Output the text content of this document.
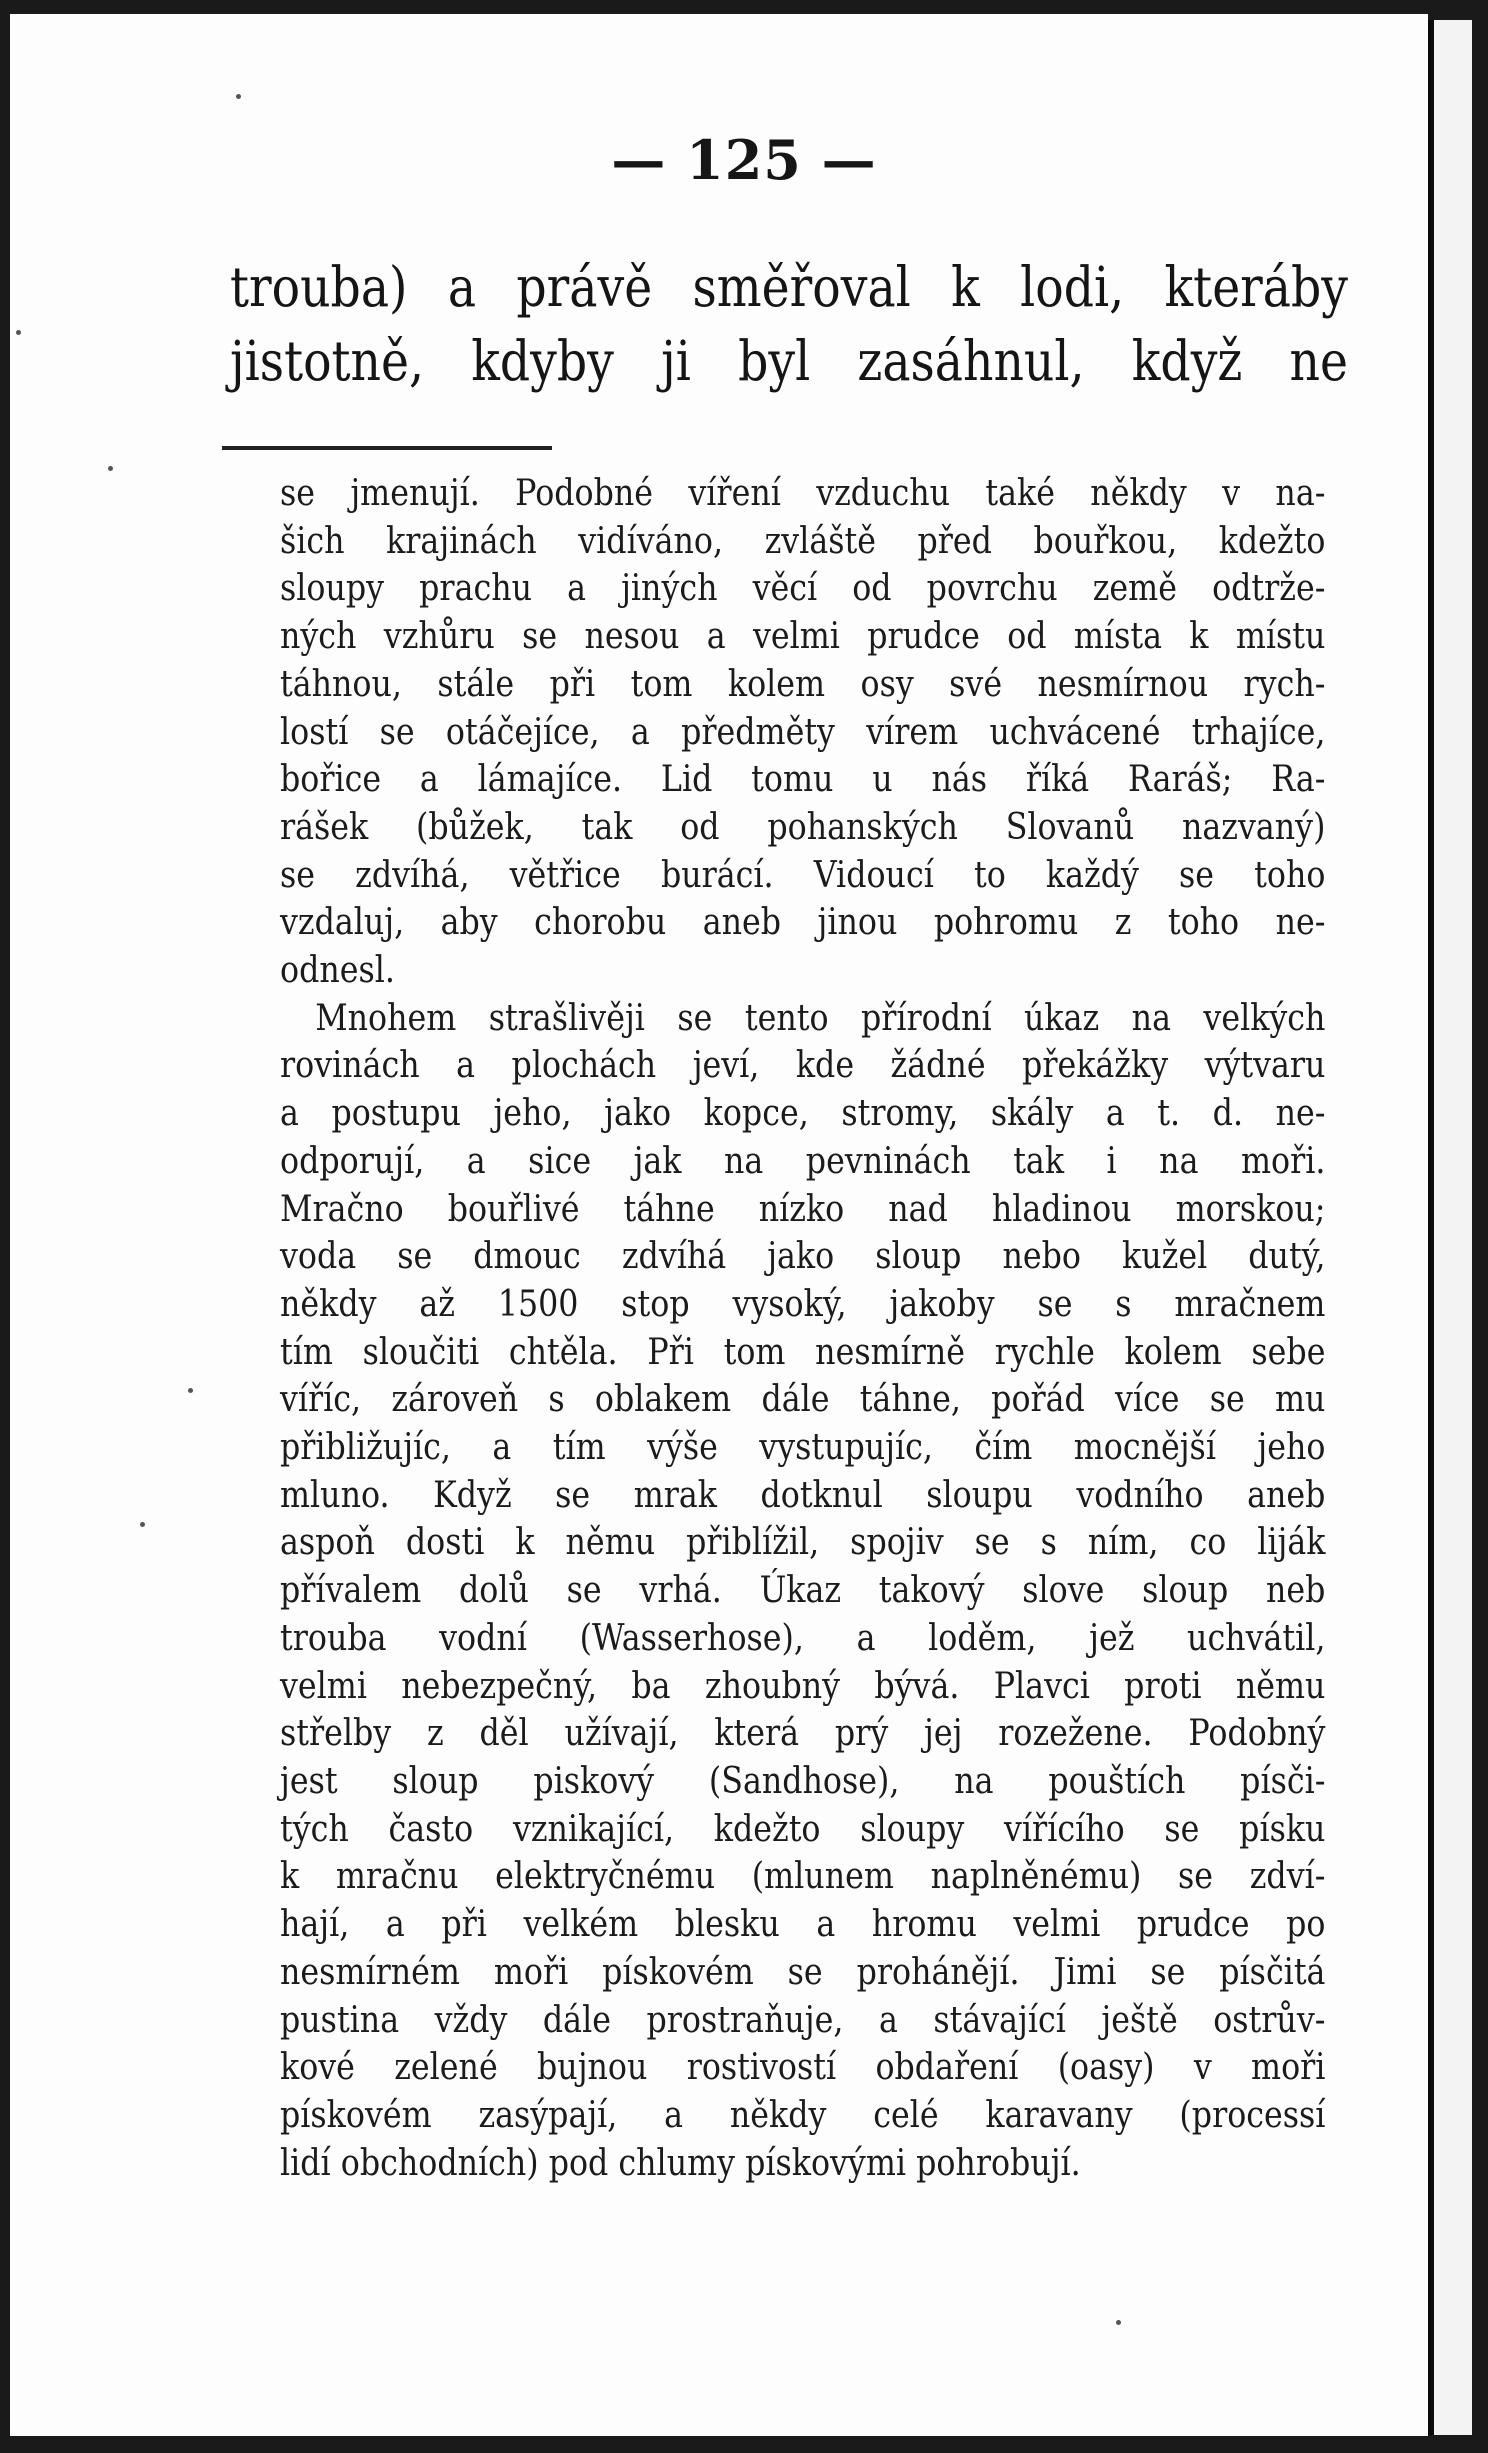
— 125 —
trouba) a právě směřoval k lodi, kteráby
jistotně, kdyby ji byl zasáhnul, když ne
se jmenují. Podobné víření vzduchu také někdy v na-
šich krajinách vidíváno, zvláště před bouřkou, kdežto
sloupy prachu a jiných věcí od povrchu země odtrže-
ných vzhůru se nesou a velmi prudce od místa k místu
táhnou, stále při tom kolem osy své nesmírnou rych-
lostí se otáčejíce, a předměty vírem uchvácené trhajíce,
bořice a lámajíce. Lid tomu u nás říká Raráš; Ra-
rášek (bůžek, tak od pohanských Slovanů nazvaný)
se zdvíhá, větřice burácí. Vidoucí to každý se toho
vzdaluj, aby chorobu aneb jinou pohromu z toho ne-
odnesl.
Mnohem strašlivěji se tento přírodní úkaz na velkých
rovinách a plochách jeví, kde žádné překážky výtvaru
a postupu jeho, jako kopce, stromy, skály a t. d. ne-
odporují, a sice jak na pevninách tak i na moři.
Mračno bouřlivé táhne nízko nad hladinou morskou;
voda se dmouc zdvíhá jako sloup nebo kužel dutý,
někdy až 1500 stop vysoký, jakoby se s mračnem
tím sloučiti chtěla. Při tom nesmírně rychle kolem sebe
víříc, zároveň s oblakem dále táhne, pořád více se mu
přibližujíc, a tím výše vystupujíc, čím mocnější jeho
mluno. Když se mrak dotknul sloupu vodního aneb
aspoň dosti k němu přiblížil, spojiv se s ním, co liják
přívalem dolů se vrhá. Úkaz takový slove sloup neb
trouba vodní (Wasserhose), a loděm, jež uchvátil,
velmi nebezpečný, ba zhoubný bývá. Plavci proti němu
střelby z děl užívají, která prý jej rozežene. Podobný
jest sloup piskový (Sandhose), na pouštích písči-
tých často vznikající, kdežto sloupy vířícího se písku
k mračnu elektryčnému (mlunem naplněnému) se zdví-
hají, a při velkém blesku a hromu velmi prudce po
nesmírném moři pískovém se prohánějí. Jimi se písčitá
pustina vždy dále prostraňuje, a stávající ještě ostrův-
kové zelené bujnou rostivostí obdaření (oasy) v moři
pískovém zasýpají, a někdy celé karavany (processí
lidí obchodních) pod chlumy pískovými pohrobují.
